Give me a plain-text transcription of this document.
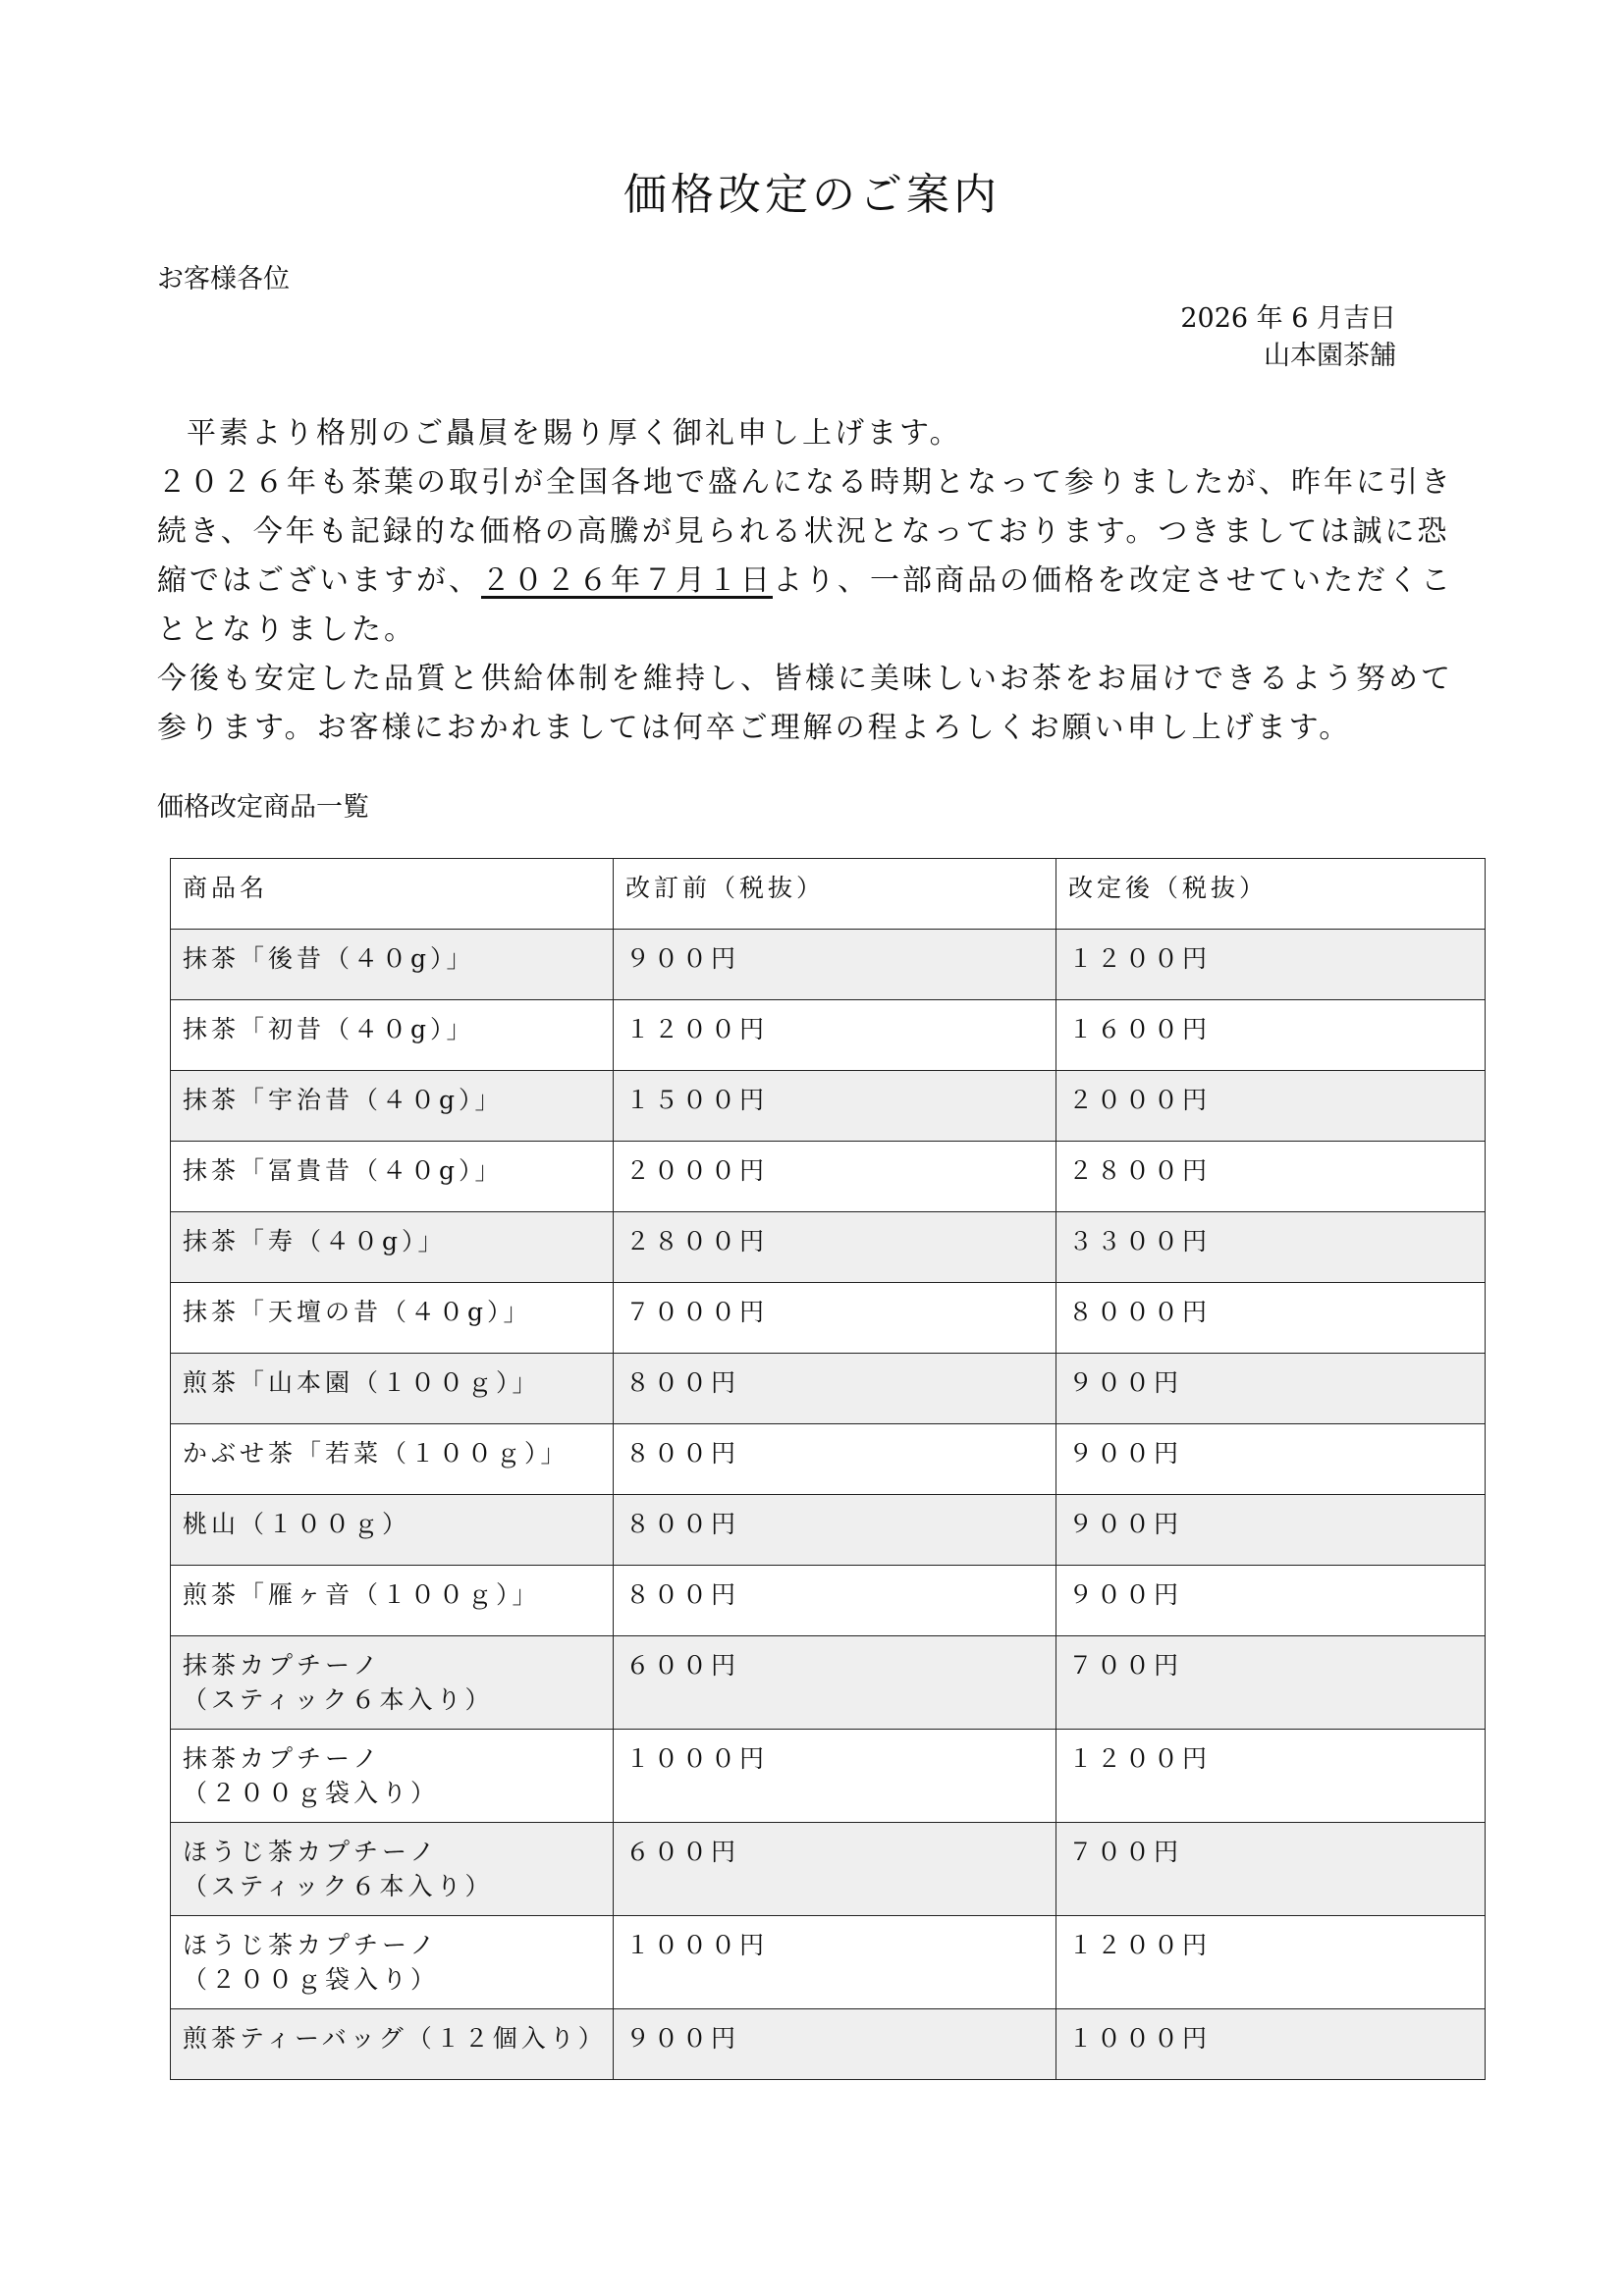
価格改定のご案内
お客様各位
2026 年 6 月吉日
山本園茶舗

平素より格別のご贔屓を賜り厚く御礼申し上げます。

２０２６年も茶葉の取引が全国各地で盛んになる時期となって参りましたが、昨年に引き続き、今年も記録的な価格の高騰が見られる状況となっております。つきましては誠に恐縮ではございますが、２０２６年７月１日より、一部商品の価格を改定させていただくこととなりました。

今後も安定した品質と供給体制を維持し、皆様に美味しいお茶をお届けできるよう努めて参ります。お客様におかれましては何卒ご理解の程よろしくお願い申し上げます。

価格改定商品一覧
商品名	改訂前（税抜）	改定後（税抜）

抹茶「後昔（４０g）」	９００円	１２００円

抹茶「初昔（４０g）」	１２００円	１６００円

抹茶「宇治昔（４０g）」	１５００円	２０００円

抹茶「冨貴昔（４０g）」	２０００円	２８００円

抹茶「寿（４０g）」	２８００円	３３００円

抹茶「天壇の昔（４０g）」	７０００円	８０００円

煎茶「山本園（１００ｇ）」	８００円	９００円

かぶせ茶「若菜（１００ｇ）」	８００円	９００円

桃山（１００ｇ）	８００円	９００円

煎茶「雁ヶ音（１００ｇ）」	８００円	９００円

抹茶カプチーノ
（スティック６本入り）	６００円	７００円

抹茶カプチーノ
（２００ｇ袋入り）	１０００円	１２００円

ほうじ茶カプチーノ
（スティック６本入り）	６００円	７００円

ほうじ茶カプチーノ
（２００ｇ袋入り）	１０００円	１２００円

煎茶ティーバッグ（１２個入り）	９００円	１０００円
